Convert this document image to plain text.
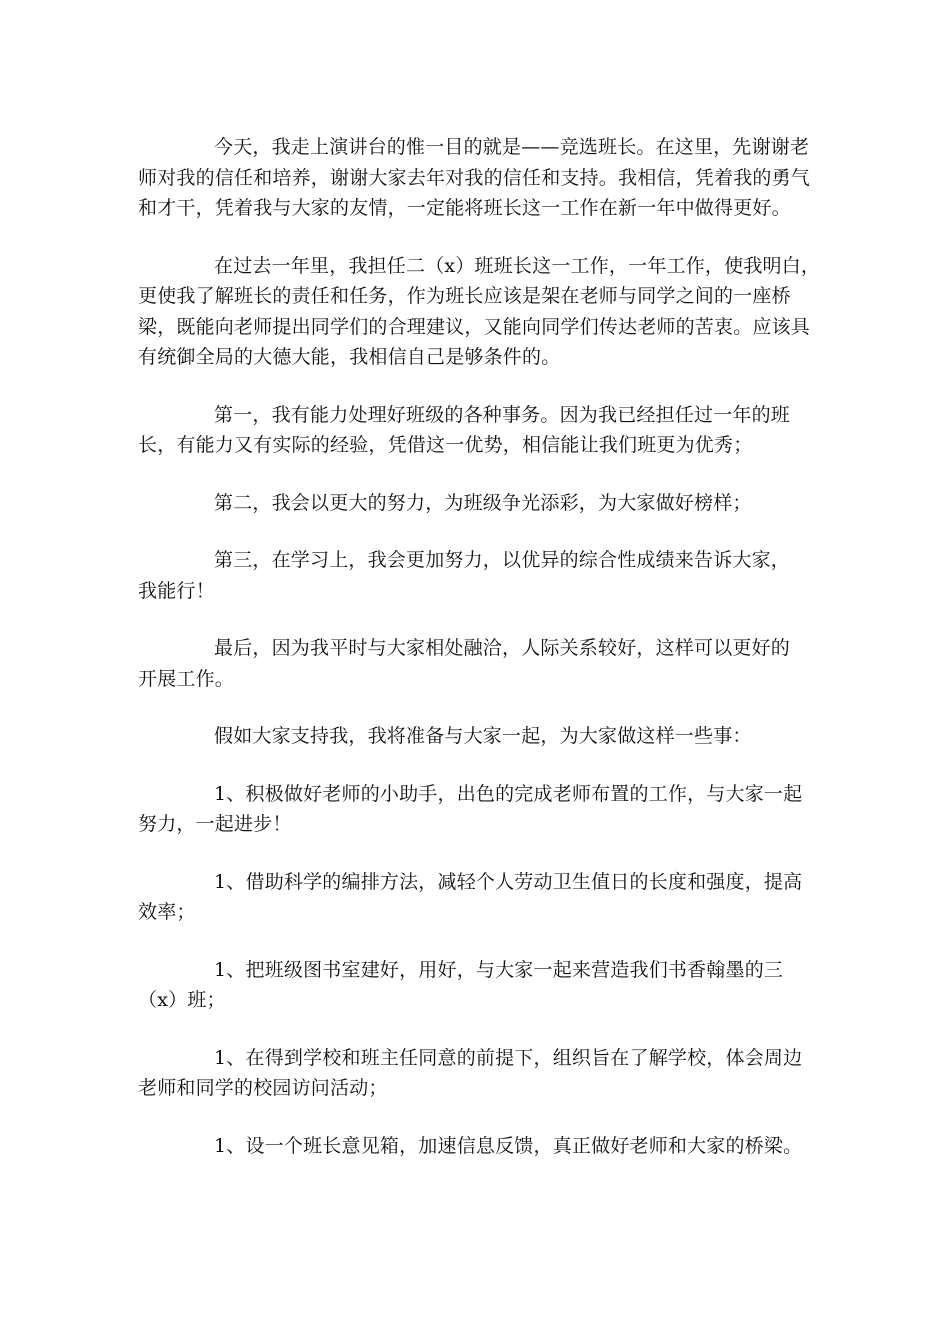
今天，我走上演讲台的惟一目的就是——竞选班长。在这里，先谢谢老师对我的信任和培养，谢谢大家去年对我的信任和支持。我相信，凭着我的勇气和才干，凭着我与大家的友情，一定能将班长这一工作在新一年中做得更好。

在过去一年里，我担任二（x）班班长这一工作，一年工作，使我明白，更使我了解班长的责任和任务，作为班长应该是架在老师与同学之间的一座桥梁，既能向老师提出同学们的合理建议，又能向同学们传达老师的苦衷。应该具有统御全局的大德大能，我相信自己是够条件的。

第一，我有能力处理好班级的各种事务。因为我已经担任过一年的班长，有能力又有实际的经验，凭借这一优势，相信能让我们班更为优秀；

第二，我会以更大的努力，为班级争光添彩，为大家做好榜样；

第三，在学习上，我会更加努力，以优异的综合性成绩来告诉大家，我能行！

最后，因为我平时与大家相处融洽，人际关系较好，这样可以更好的开展工作。

假如大家支持我，我将准备与大家一起，为大家做这样一些事：

1、积极做好老师的小助手，出色的完成老师布置的工作，与大家一起努力，一起进步！

1、借助科学的编排方法，减轻个人劳动卫生值日的长度和强度，提高效率；

1、把班级图书室建好，用好，与大家一起来营造我们书香翰墨的三（x）班；

1、在得到学校和班主任同意的前提下，组织旨在了解学校，体会周边老师和同学的校园访问活动；

1、设一个班长意见箱，加速信息反馈，真正做好老师和大家的桥梁。
